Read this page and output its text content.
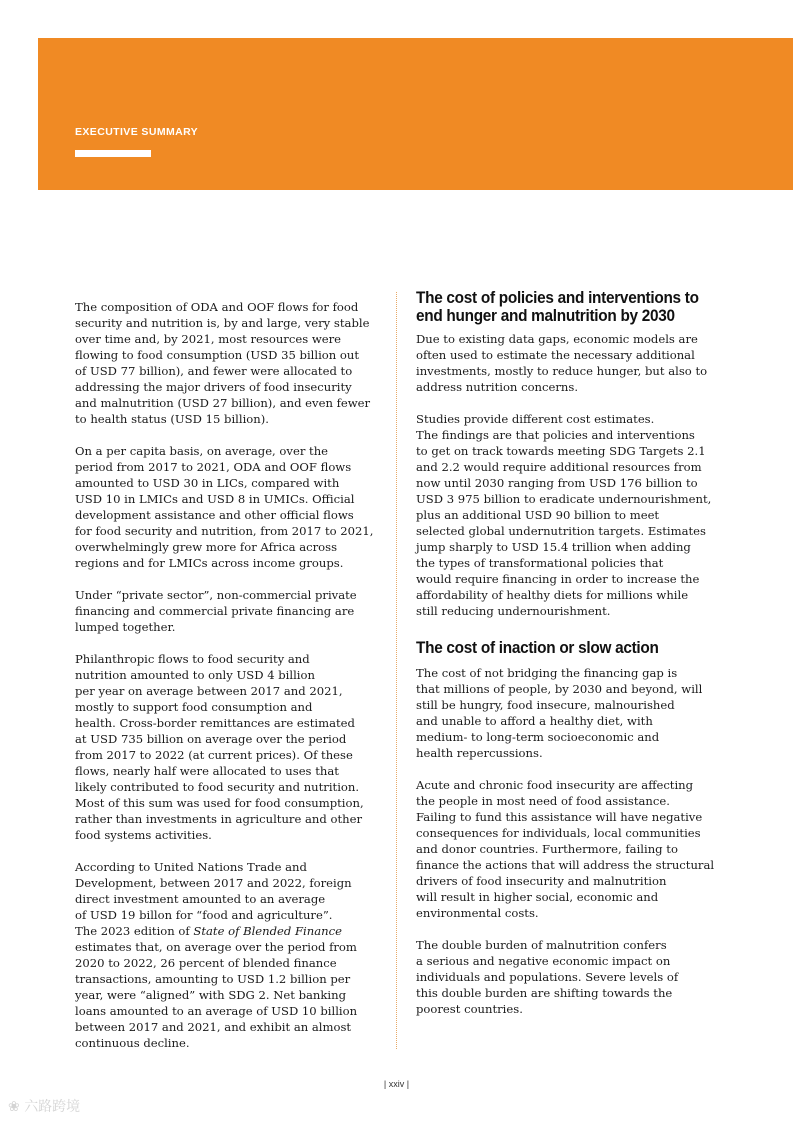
EXECUTIVE SUMMARY

The composition of ODA and OOF flows for food
security and nutrition is, by and large, very stable
over time and, by 2021, most resources were
flowing to food consumption (USD 35 billion out
of USD 77 billion), and fewer were allocated to
addressing the major drivers of food insecurity
and malnutrition (USD 27 billion), and even fewer
to health status (USD 15 billion).

On a per capita basis, on average, over the
period from 2017 to 2021, ODA and OOF flows
amounted to USD 30 in LICs, compared with
USD 10 in LMICs and USD 8 in UMICs. Official
development assistance and other official flows
for food security and nutrition, from 2017 to 2021,
overwhelmingly grew more for Africa across
regions and for LMICs across income groups.

Under “private sector”, non-commercial private
financing and commercial private financing are
lumped together.

Philanthropic flows to food security and
nutrition amounted to only USD 4 billion
per year on average between 2017 and 2021,
mostly to support food consumption and
health. Cross-border remittances are estimated
at USD 735 billion on average over the period
from 2017 to 2022 (at current prices). Of these
flows, nearly half were allocated to uses that
likely contributed to food security and nutrition.
Most of this sum was used for food consumption,
rather than investments in agriculture and other
food systems activities.

According to United Nations Trade and
Development, between 2017 and 2022, foreign
direct investment amounted to an average
of USD 19 billon for “food and agriculture”.
The 2023 edition of State of Blended Finance
estimates that, on average over the period from
2020 to 2022, 26 percent of blended finance
transactions, amounting to USD 1.2 billion per
year, were “aligned” with SDG 2. Net banking
loans amounted to an average of USD 10 billion
between 2017 and 2021, and exhibit an almost
continuous decline.

The cost of policies and interventions to
end hunger and malnutrition by 2030

Due to existing data gaps, economic models are
often used to estimate the necessary additional
investments, mostly to reduce hunger, but also to
address nutrition concerns.

Studies provide different cost estimates.
The findings are that policies and interventions
to get on track towards meeting SDG Targets 2.1
and 2.2 would require additional resources from
now until 2030 ranging from USD 176 billion to
USD 3 975 billion to eradicate undernourishment,
plus an additional USD 90 billion to meet
selected global undernutrition targets. Estimates
jump sharply to USD 15.4 trillion when adding
the types of transformational policies that
would require financing in order to increase the
affordability of healthy diets for millions while
still reducing undernourishment.

The cost of inaction or slow action

The cost of not bridging the financing gap is
that millions of people, by 2030 and beyond, will
still be hungry, food insecure, malnourished
and unable to afford a healthy diet, with
medium- to long-term socioeconomic and
health repercussions.

Acute and chronic food insecurity are affecting
the people in most need of food assistance.
Failing to fund this assistance will have negative
consequences for individuals, local communities
and donor countries. Furthermore, failing to
finance the actions that will address the structural
drivers of food insecurity and malnutrition
will result in higher social, economic and
environmental costs.

The double burden of malnutrition confers
a serious and negative economic impact on
individuals and populations. Severe levels of
this double burden are shifting towards the
poorest countries.

| xxiv |
❀ 六路跨境
